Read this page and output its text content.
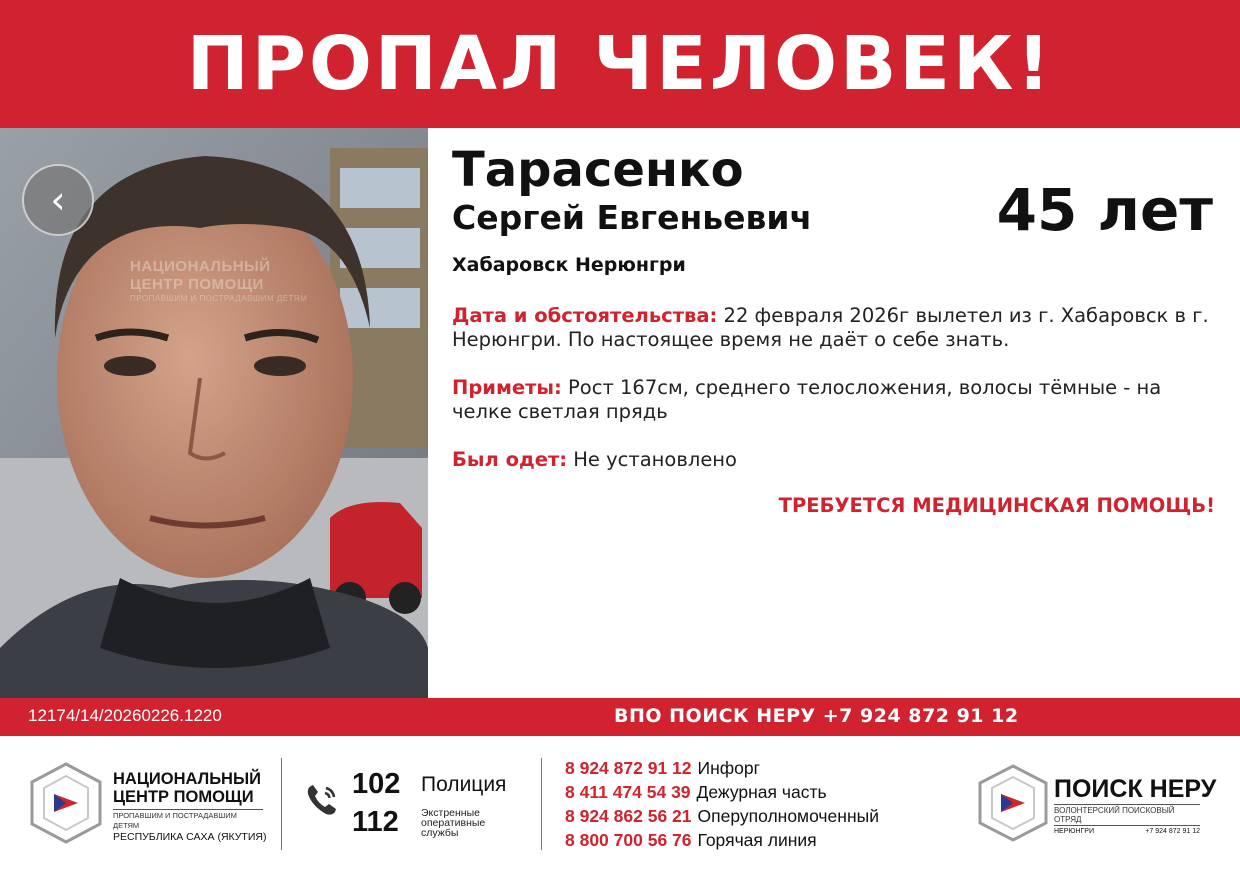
ПРОПАЛ ЧЕЛОВЕК!
‹
НАЦИОНАЛЬНЫЙ
ЦЕНТР ПОМОЩИ
ПРОПАВШИМ И ПОСТРАДАВШИМ ДЕТЯМ
Тарасенко
Сергей Евгеньевич	45 лет
Хабаровск Нерюнгри
Дата и обстоятельства: 22 февраля 2026г вылетел из г. Хабаровск в г. Нерюнгри. По настоящее время не даёт о себе знать.
Приметы: Рост 167см, среднего телосложения, волосы тёмные - на челке светлая прядь
Был одет: Не установлено
ТРЕБУЕТСЯ МЕДИЦИНСКАЯ ПОМОЩЬ!
12174/14/20260226.1220	ВПО ПОИСК НЕРУ +7 924 872 91 12
НАЦИОНАЛЬНЫЙ
ЦЕНТР ПОМОЩИ
ПРОПАВШИМ И ПОСТРАДАВШИМ ДЕТЯМ
РЕСПУБЛИКА САХА (ЯКУТИЯ)
102 Полиция
112 Экстренные
оперативные
службы
8 924 872 91 12 Инфорг
8 411 474 54 39 Дежурная часть
8 924 862 56 21 Оперуполномоченный
8 800 700 56 76 Горячая линия
ПОИСК НЕРУ
ВОЛОНТЕРСКИЙ ПОИСКОВЫЙ ОТРЯД
НЕРЮНГРИ	+7 924 872 91 12
